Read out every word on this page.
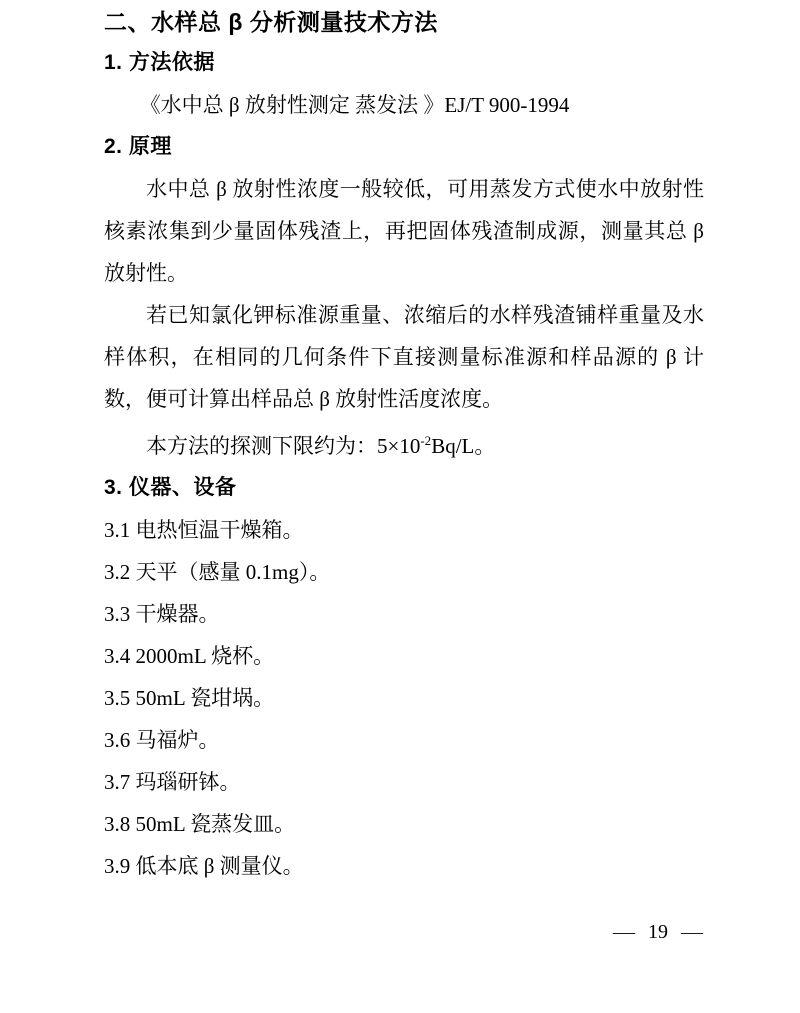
二、水样总 β 分析测量技术方法
1. 方法依据

《水中总 β 放射性测定 蒸发法 》EJ/T 900-1994

2. 原理

水中总 β 放射性浓度一般较低，可用蒸发方式使水中放射性核素浓集到少量固体残渣上，再把固体残渣制成源，测量其总 β 放射性。

若已知氯化钾标准源重量、浓缩后的水样残渣铺样重量及水样体积，在相同的几何条件下直接测量标准源和样品源的 β 计数，便可计算出样品总 β 放射性活度浓度。

本方法的探测下限约为：$5\times 10^{-2}Bq/L$。

3. 仪器、设备

3.1 电热恒温干燥箱。

3.2 天平（感量 0.1mg）。

3.3 干燥器。

3.4 2000mL 烧杯。

3.5 50mL 瓷坩埚。

3.6 马福炉。

3.7 玛瑙研钵。

3.8 50mL 瓷蒸发皿。

3.9 低本底 β 测量仪。

— 19 —
